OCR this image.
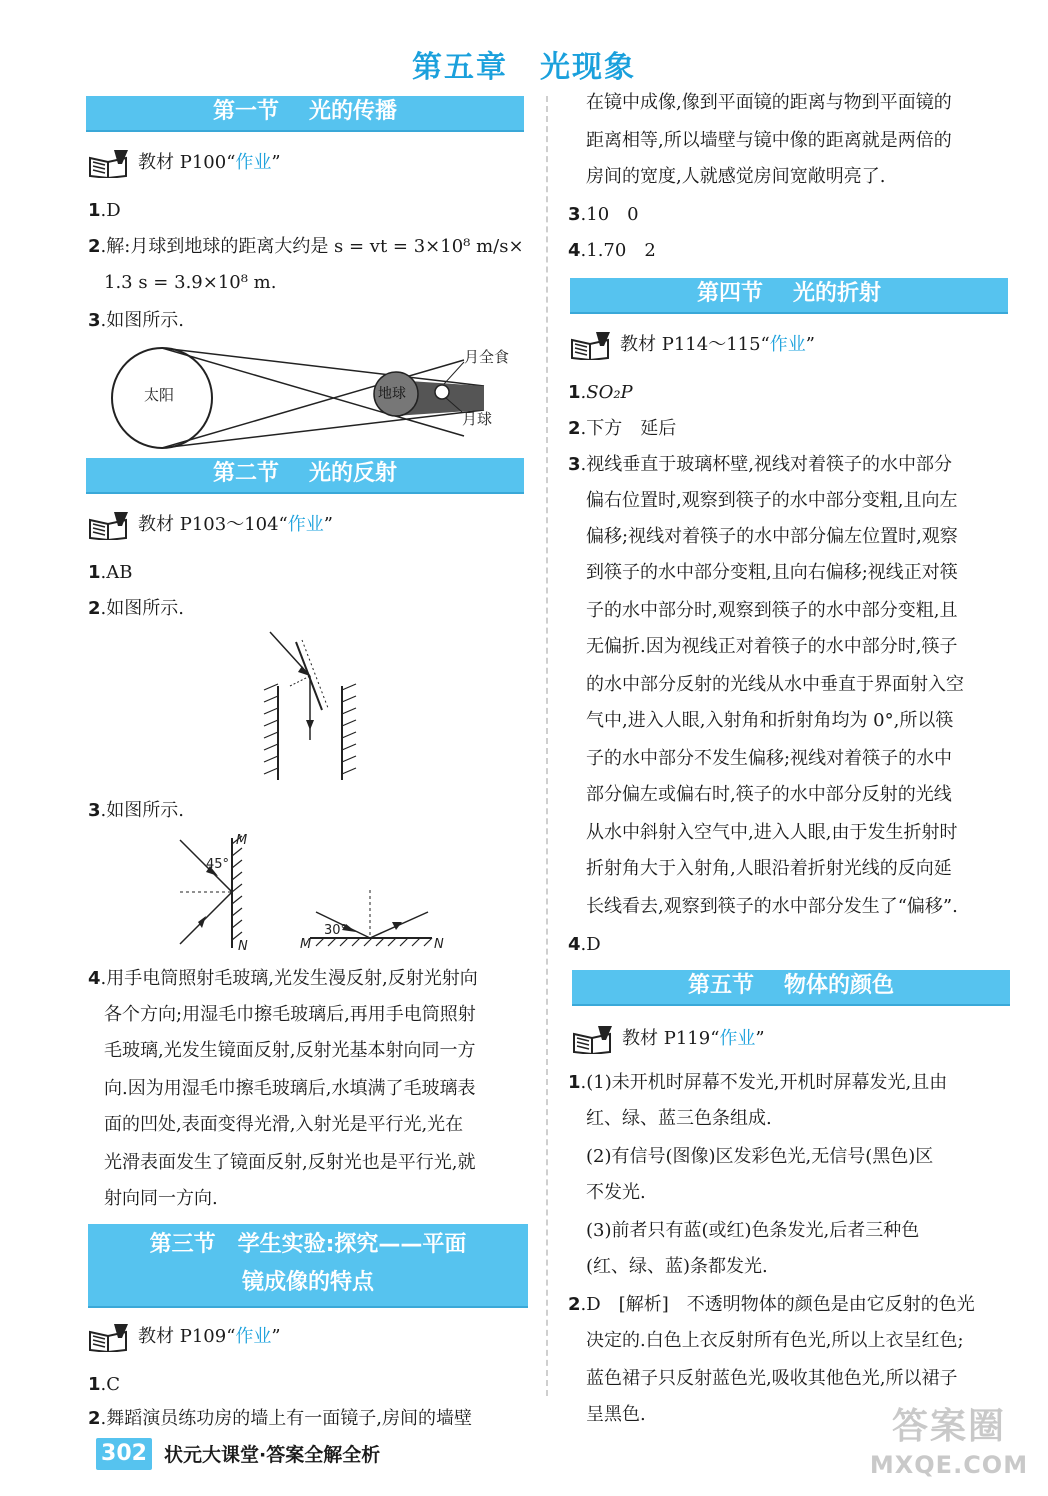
第五章　光现象
第一节 光的传播
教材 P100“作业”
1.D
2.解:月球到地球的距离大约是 s = vt = 3×10⁸ m/s×
1.3 s = 3.9×10⁸ m.
3.如图所示.
太阳	地球
月全食
月球
第二节 光的反射
教材 P103～104“作业”
1.AB
2.如图所示.
3.如图所示.
M
N
45°
M	N
30°
4.用手电筒照射毛玻璃,光发生漫反射,反射光射向
各个方向;用湿毛巾擦毛玻璃后,再用手电筒照射
毛玻璃,光发生镜面反射,反射光基本射向同一方
向.因为用湿毛巾擦毛玻璃后,水填满了毛玻璃表
面的凹处,表面变得光滑,入射光是平行光,光在
光滑表面发生了镜面反射,反射光也是平行光,就
射向同一方向.
第三节　学生实验:探究——平面
镜成像的特点
教材 P109“作业”
1.C
2.舞蹈演员练功房的墙上有一面镜子,房间的墙壁
在镜中成像,像到平面镜的距离与物到平面镜的
距离相等,所以墙壁与镜中像的距离就是两倍的
房间的宽度,人就感觉房间宽敞明亮了.
3.10　0
4.1.70　2
第四节 光的折射
教材 P114～115“作业”
1.SO₂P
2.下方　延后
3.视线垂直于玻璃杯壁,视线对着筷子的水中部分
偏右位置时,观察到筷子的水中部分变粗,且向左
偏移;视线对着筷子的水中部分偏左位置时,观察
到筷子的水中部分变粗,且向右偏移;视线正对筷
子的水中部分时,观察到筷子的水中部分变粗,且
无偏折.因为视线正对着筷子的水中部分时,筷子
的水中部分反射的光线从水中垂直于界面射入空
气中,进入人眼,入射角和折射角均为 0°,所以筷
子的水中部分不发生偏移;视线对着筷子的水中
部分偏左或偏右时,筷子的水中部分反射的光线
从水中斜射入空气中,进入人眼,由于发生折射时
折射角大于入射角,人眼沿着折射光线的反向延
长线看去,观察到筷子的水中部分发生了“偏移”.
4.D
第五节 物体的颜色
教材 P119“作业”
1.(1)未开机时屏幕不发光,开机时屏幕发光,且由
红、绿、蓝三色条组成.
(2)有信号(图像)区发彩色光,无信号(黑色)区
不发光.
(3)前者只有蓝(或红)色条发光,后者三种色
(红、绿、蓝)条都发光.
2.D　[解析]　不透明物体的颜色是由它反射的色光
决定的.白色上衣反射所有色光,所以上衣呈红色;
蓝色裙子只反射蓝色光,吸收其他色光,所以裙子
呈黑色.
302 状元大课堂·答案全解全析
答案圈
MXQE.COM
